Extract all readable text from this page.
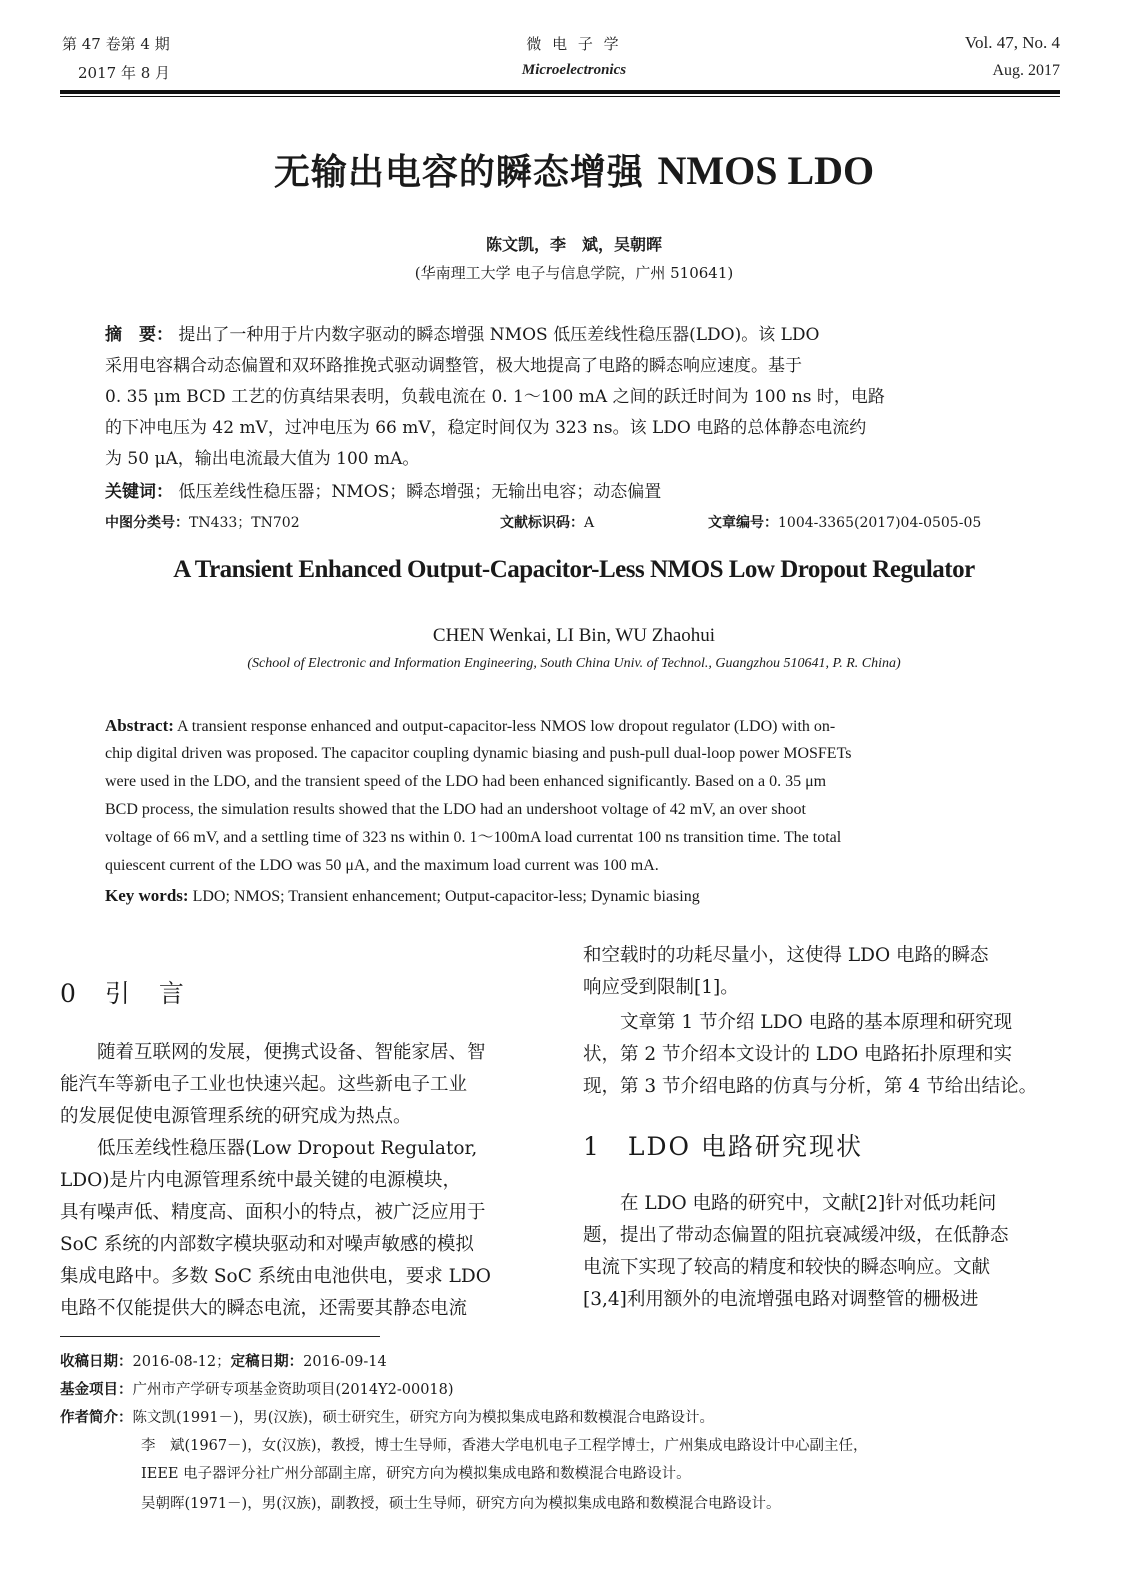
第 47 卷第 4 期
2017 年 8 月
微 电 子 学
Microelectronics
Vol. 47, No. 4
Aug. 2017
无输出电容的瞬态增强 NMOS LDO
陈文凯，李　斌，吴朝晖
(华南理工大学 电子与信息学院，广州 510641)
摘　要： 提出了一种用于片内数字驱动的瞬态增强 NMOS 低压差线性稳压器(LDO)。该 LDO
采用电容耦合动态偏置和双环路推挽式驱动调整管，极大地提高了电路的瞬态响应速度。基于
0. 35 μm BCD 工艺的仿真结果表明，负载电流在 0. 1～100 mA 之间的跃迁时间为 100 ns 时，电路
的下冲电压为 42 mV，过冲电压为 66 mV，稳定时间仅为 323 ns。该 LDO 电路的总体静态电流约
为 50 μA，输出电流最大值为 100 mA。
关键词： 低压差线性稳压器；NMOS；瞬态增强；无输出电容；动态偏置
中图分类号：TN433；TN702	文献标识码：A	文章编号：1004-3365(2017)04-0505-05
A Transient Enhanced Output-Capacitor-Less NMOS Low Dropout Regulator
CHEN Wenkai, LI Bin, WU Zhaohui
(School of Electronic and Information Engineering, South China Univ. of Technol., Guangzhou 510641, P. R. China)
Abstract: A transient response enhanced and output-capacitor-less NMOS low dropout regulator (LDO) with on-
chip digital driven was proposed. The capacitor coupling dynamic biasing and push-pull dual-loop power MOSFETs
were used in the LDO, and the transient speed of the LDO had been enhanced significantly. Based on a 0. 35 μm
BCD process, the simulation results showed that the LDO had an undershoot voltage of 42 mV, an over shoot
voltage of 66 mV, and a settling time of 323 ns within 0. 1～100mA load currentat 100 ns transition time. The total
quiescent current of the LDO was 50 μA, and the maximum load current was 100 mA.
Key words: LDO; NMOS; Transient enhancement; Output-capacitor-less; Dynamic biasing
0　引　言
　　随着互联网的发展，便携式设备、智能家居、智
能汽车等新电子工业也快速兴起。这些新电子工业
的发展促使电源管理系统的研究成为热点。
　　低压差线性稳压器(Low Dropout Regulator,
LDO)是片内电源管理系统中最关键的电源模块，
具有噪声低、精度高、面积小的特点，被广泛应用于
SoC 系统的内部数字模块驱动和对噪声敏感的模拟
集成电路中。多数 SoC 系统由电池供电，要求 LDO
电路不仅能提供大的瞬态电流，还需要其静态电流
和空载时的功耗尽量小，这使得 LDO 电路的瞬态
响应受到限制[1]。
　　文章第 1 节介绍 LDO 电路的基本原理和研究现
状，第 2 节介绍本文设计的 LDO 电路拓扑原理和实
现，第 3 节介绍电路的仿真与分析，第 4 节给出结论。
1　LDO 电路研究现状
　　在 LDO 电路的研究中，文献[2]针对低功耗问
题，提出了带动态偏置的阻抗衰减缓冲级，在低静态
电流下实现了较高的精度和较快的瞬态响应。文献
[3,4]利用额外的电流增强电路对调整管的栅极进
收稿日期：2016-08-12；定稿日期：2016-09-14
基金项目：广州市产学研专项基金资助项目(2014Y2-00018)
作者简介：陈文凯(1991－)，男(汉族)，硕士研究生，研究方向为模拟集成电路和数模混合电路设计。
李　斌(1967－)，女(汉族)，教授，博士生导师，香港大学电机电子工程学博士，广州集成电路设计中心副主任，
IEEE 电子器评分社广州分部副主席，研究方向为模拟集成电路和数模混合电路设计。
吴朝晖(1971－)，男(汉族)，副教授，硕士生导师，研究方向为模拟集成电路和数模混合电路设计。
